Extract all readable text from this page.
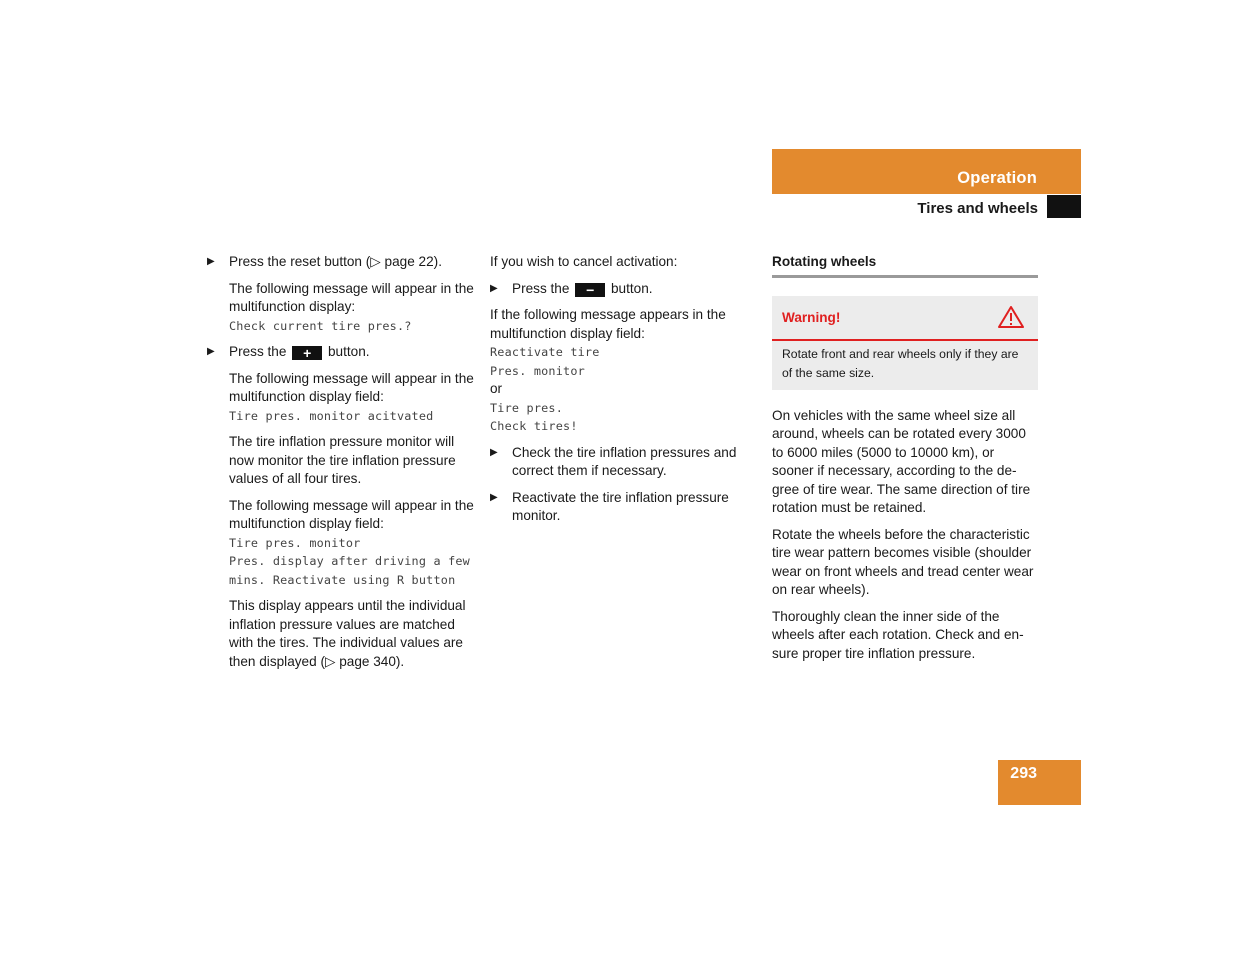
Operation
Tires and wheels
▶ Press the reset button (▷ page 22).
The following message will appear in the multifunction display:
Check current tire pres.?
▶ Press the + button.
The following message will appear in the multifunction display field:
Tire pres. monitor acitvated
The tire inflation pressure monitor will now monitor the tire inflation pressure values of all four tires.
The following message will appear in the multifunction display field:
Tire pres. monitor
Pres. display after driving a few
mins. Reactivate using R button
This display appears until the individual inflation pressure values are matched with the tires. The individual values are then displayed (▷ page 340).
If you wish to cancel activation:
▶ Press the − button.
If the following message appears in the multifunction display field:
Reactivate tire
Pres. monitor
or
Tire pres.
Check tires!
▶ Check the tire inflation pressures and correct them if necessary.
▶ Reactivate the tire inflation pressure monitor.
Rotating wheels
Warning!
Rotate front and rear wheels only if they are of the same size.
On vehicles with the same wheel size all around, wheels can be rotated every 3000 to 6000 miles (5000 to 10000 km), or sooner if necessary, according to the degree of tire wear. The same direction of tire rotation must be retained.
Rotate the wheels before the characteristic tire wear pattern becomes visible (shoulder wear on front wheels and tread center wear on rear wheels).
Thoroughly clean the inner side of the wheels after each rotation. Check and ensure proper tire inflation pressure.
293
